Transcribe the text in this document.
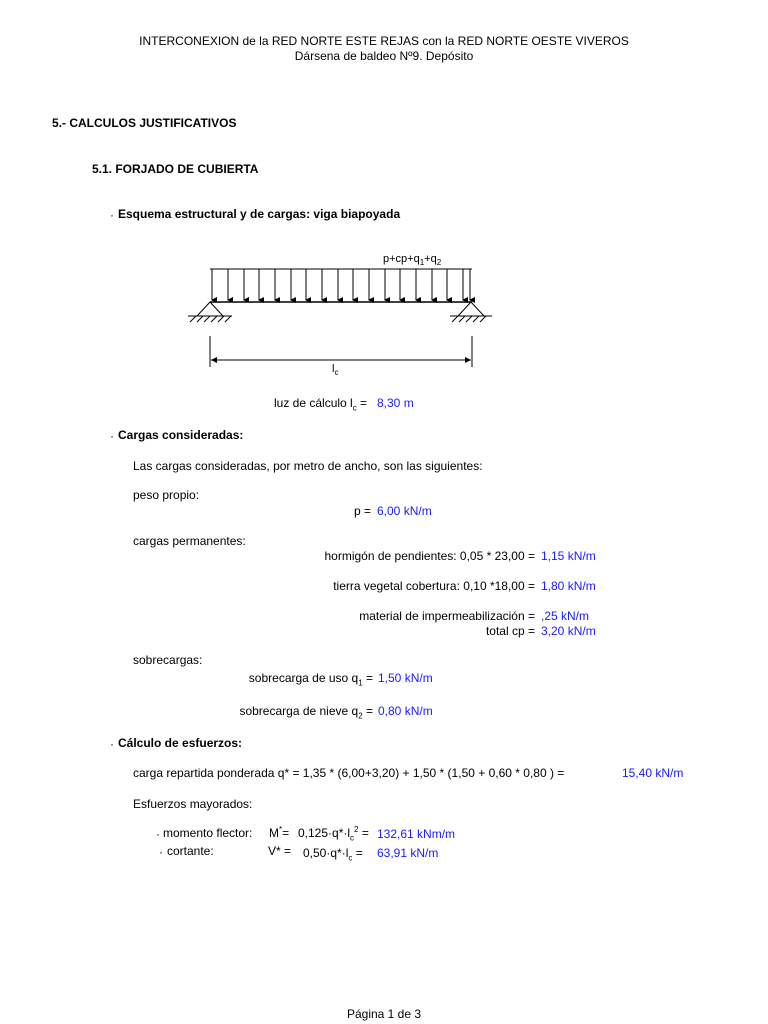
INTERCONEXION de la RED NORTE ESTE REJAS con la RED NORTE OESTE VIVEROS
Dársena de baldeo Nº9. Depósito
5.- CALCULOS JUSTIFICATIVOS
5.1. FORJADO DE CUBIERTA
· Esquema estructural y de cargas: viga biapoyada
$p+cp+q_1+q_2$
$l_c$
luz de cálculo $l_c = 8,30$ m
· Cargas consideradas:
Las cargas consideradas, por metro de ancho, son las siguientes:
peso propio:
p = 6,00 kN/m
cargas permanentes:
hormigón de pendientes: 0,05 * 23,00 = 1,15 kN/m
tierra vegetal cobertura: 0,10 *18,00 = 1,80 kN/m
material de impermeabilización = ,25 kN/m
total cp = 3,20 kN/m
sobrecargas:
sobrecarga de uso $q_1 = 1,50$ kN/m
sobrecarga de nieve $q_2 = 0,80$ kN/m
· Cálculo de esfuerzos:
carga repartida ponderada q* = 1,35 * (6,00+3,20) + 1,50 * (1,50 + 0,60 * 0,80 ) =	15,40 kN/m
Esfuerzos mayorados:
· momento flector: $M^*= 0,125\cdot q*\cdot l_c^2 = 132,61$ kNm/m
· cortante:	$V* = 0,50\cdot q*\cdot l_c = 63,91$ kN/m
Página 1 de 3
